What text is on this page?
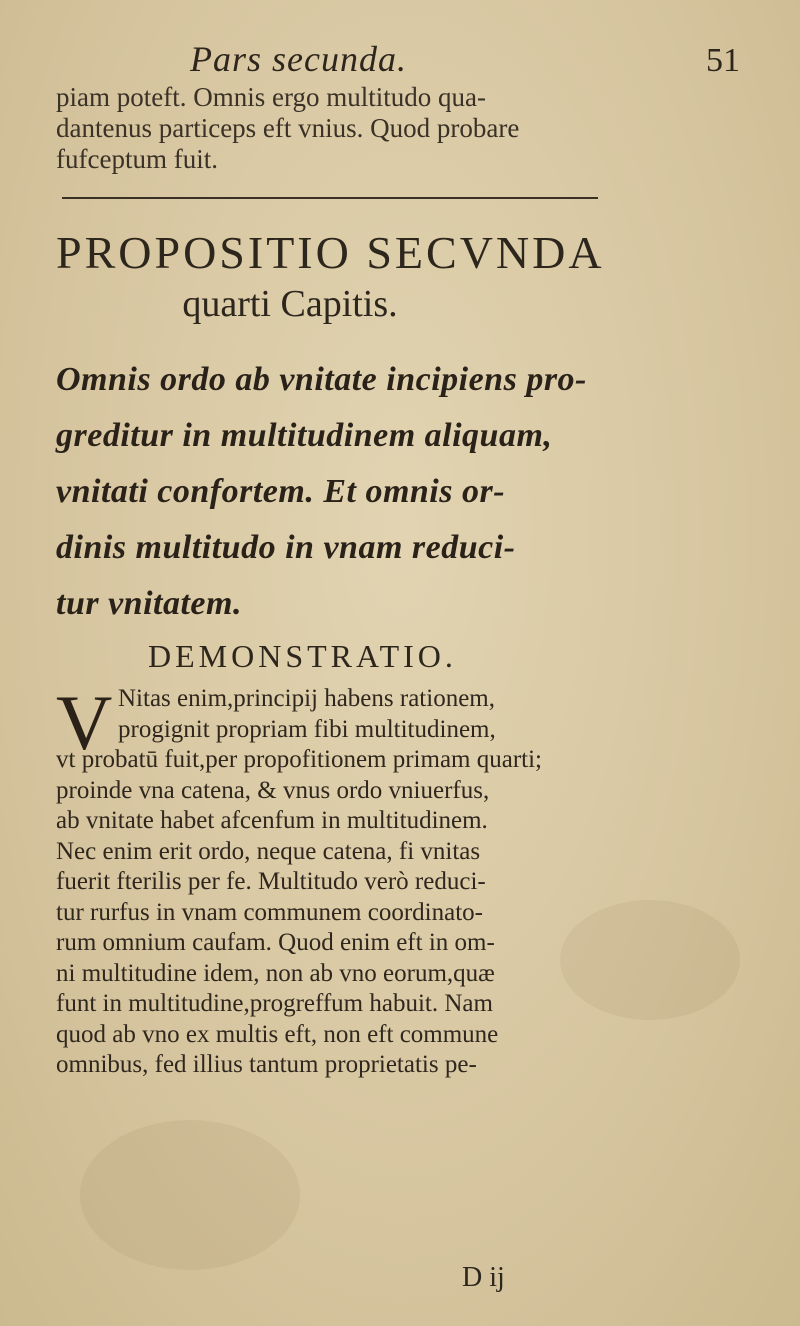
Pars secunda.	51
piam poteft. Omnis ergo multitudo qua-
dantenus particeps eft vnius. Quod probare
fufceptum fuit.
PROPOSITIO SECVNDA
quarti Capitis.
Omnis ordo ab vnitate incipiens pro-
greditur in multitudinem aliquam,
vnitati confortem. Et omnis or-
dinis multitudo in vnam reduci-
tur vnitatem.
DEMONSTRATIO.
V Nitas enim,principij habens rationem,
progignit propriam fibi multitudinem,
vt probatū fuit,per propofitionem primam quarti;
proinde vna catena, & vnus ordo vniuerfus,
ab vnitate habet afcenfum in multitudinem.
Nec enim erit ordo, neque catena, fi vnitas
fuerit fterilis per fe. Multitudo verò reduci-
tur rurfus in vnam communem coordinato-
rum omnium caufam. Quod enim eft in om-
ni multitudine idem, non ab vno eorum,quæ
funt in multitudine,progreffum habuit. Nam
quod ab vno ex multis eft, non eft commune
omnibus, fed illius tantum proprietatis pe-
D ij
